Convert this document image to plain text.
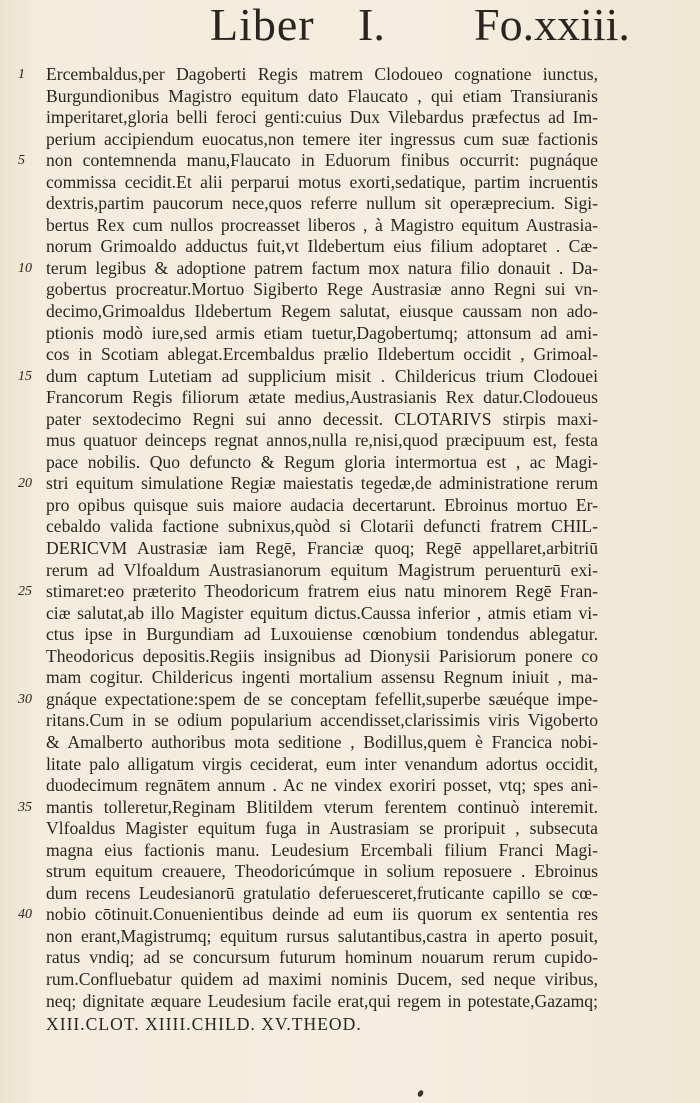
Liber I. Fo.xxiii.
1	Ercembaldus,per Dagoberti Regis matrem Clodoueo cognatione iunctus,
Burgundionibus Magistro equitum dato Flaucato , qui etiam Transiuranis
imperitaret,gloria belli feroci genti:cuius Dux Vilebardus præfectus ad Im-
perium accipiendum euocatus,non temere iter ingressus cum suæ factionis
5	non contemnenda manu,Flaucato in Eduorum finibus occurrit: pugnáque
commissa cecidit.Et alii perparui motus exorti,sedatique, partim incruentis
dextris,partim paucorum nece,quos referre nullum sit operæprecium. Sigi-
bertus Rex cum nullos procreasset liberos , à Magistro equitum Austrasia-
norum Grimoaldo adductus fuit,vt Ildebertum eius filium adoptaret . Cæ-
10 terum legibus & adoptione patrem factum mox natura filio donauit . Da-
gobertus procreatur.Mortuo Sigiberto Rege Austrasiæ anno Regni sui vn-
decimo,Grimoaldus Ildebertum Regem salutat, eiusque caussam non ado-
ptionis modò iure,sed armis etiam tuetur,Dagobertumq; attonsum ad ami-
cos in Scotiam ablegat.Ercembaldus prælio Ildebertum occidit , Grimoal-
15 dum captum Lutetiam ad supplicium misit . Childericus trium Clodouei
Francorum Regis filiorum ætate medius,Austrasianis Rex datur.Clodoueus
pater sextodecimo Regni sui anno decessit. CLOTARIVS stirpis maxi-
mus quatuor deinceps regnat annos,nulla re,nisi,quod præcipuum est, festa
pace nobilis. Quo defuncto & Regum gloria intermortua est , ac Magi-
20 stri equitum simulatione Regiæ maiestatis tegedæ,de administratione rerum
pro opibus quisque suis maiore audacia decertarunt. Ebroinus mortuo Er-
cebaldo valida factione subnixus,quòd si Clotarii defuncti fratrem CHIL-
DERICVM Austrasiæ iam Regē, Franciæ quoq; Regē appellaret,arbitriū
rerum ad Vlfoaldum Austrasianorum equitum Magistrum peruenturū exi-
25 stimaret:eo præterito Theodoricum fratrem eius natu minorem Regē Fran-
ciæ salutat,ab illo Magister equitum dictus.Caussa inferior , atmis etiam vi-
ctus ipse in Burgundiam ad Luxouiense cœnobium tondendus ablegatur.
Theodoricus depositis.Regiis insignibus ad Dionysii Parisiorum ponere co
mam cogitur. Childericus ingenti mortalium assensu Regnum iniuit , ma-
30 gnáque expectatione:spem de se conceptam fefellit,superbe sæuéque impe-
ritans.Cum in se odium popularium accendisset,clarissimis viris Vigoberto
& Amalberto authoribus mota seditione , Bodillus,quem è Francica nobi-
litate palo alligatum virgis ceciderat, eum inter venandum adortus occidit,
duodecimum regnātem annum . Ac ne vindex exoriri posset, vtq; spes ani-
35 mantis tolleretur,Reginam Blitildem vterum ferentem continuò interemit.
Vlfoaldus Magister equitum fuga in Austrasiam se proripuit , subsecuta
magna eius factionis manu. Leudesium Ercembali filium Franci Magi-
strum equitum creauere, Theodoricúmque in solium reposuere . Ebroinus
dum recens Leudesianorū gratulatio deferuesceret,fruticante capillo se cœ-
40 nobio cōtinuit.Conuenientibus deinde ad eum iis quorum ex sententia res
non erant,Magistrumq; equitum rursus salutantibus,castra in aperto posuit,
ratus vndiq; ad se concursum futurum hominum nouarum rerum cupido-
rum.Confluebatur quidem ad maximi nominis Ducem, sed neque viribus,
neq; dignitate æquare Leudesium facile erat,qui regem in potestate,Gazamq;
XIII.CLOT. XIIII.CHILD. XV.THEOD.
